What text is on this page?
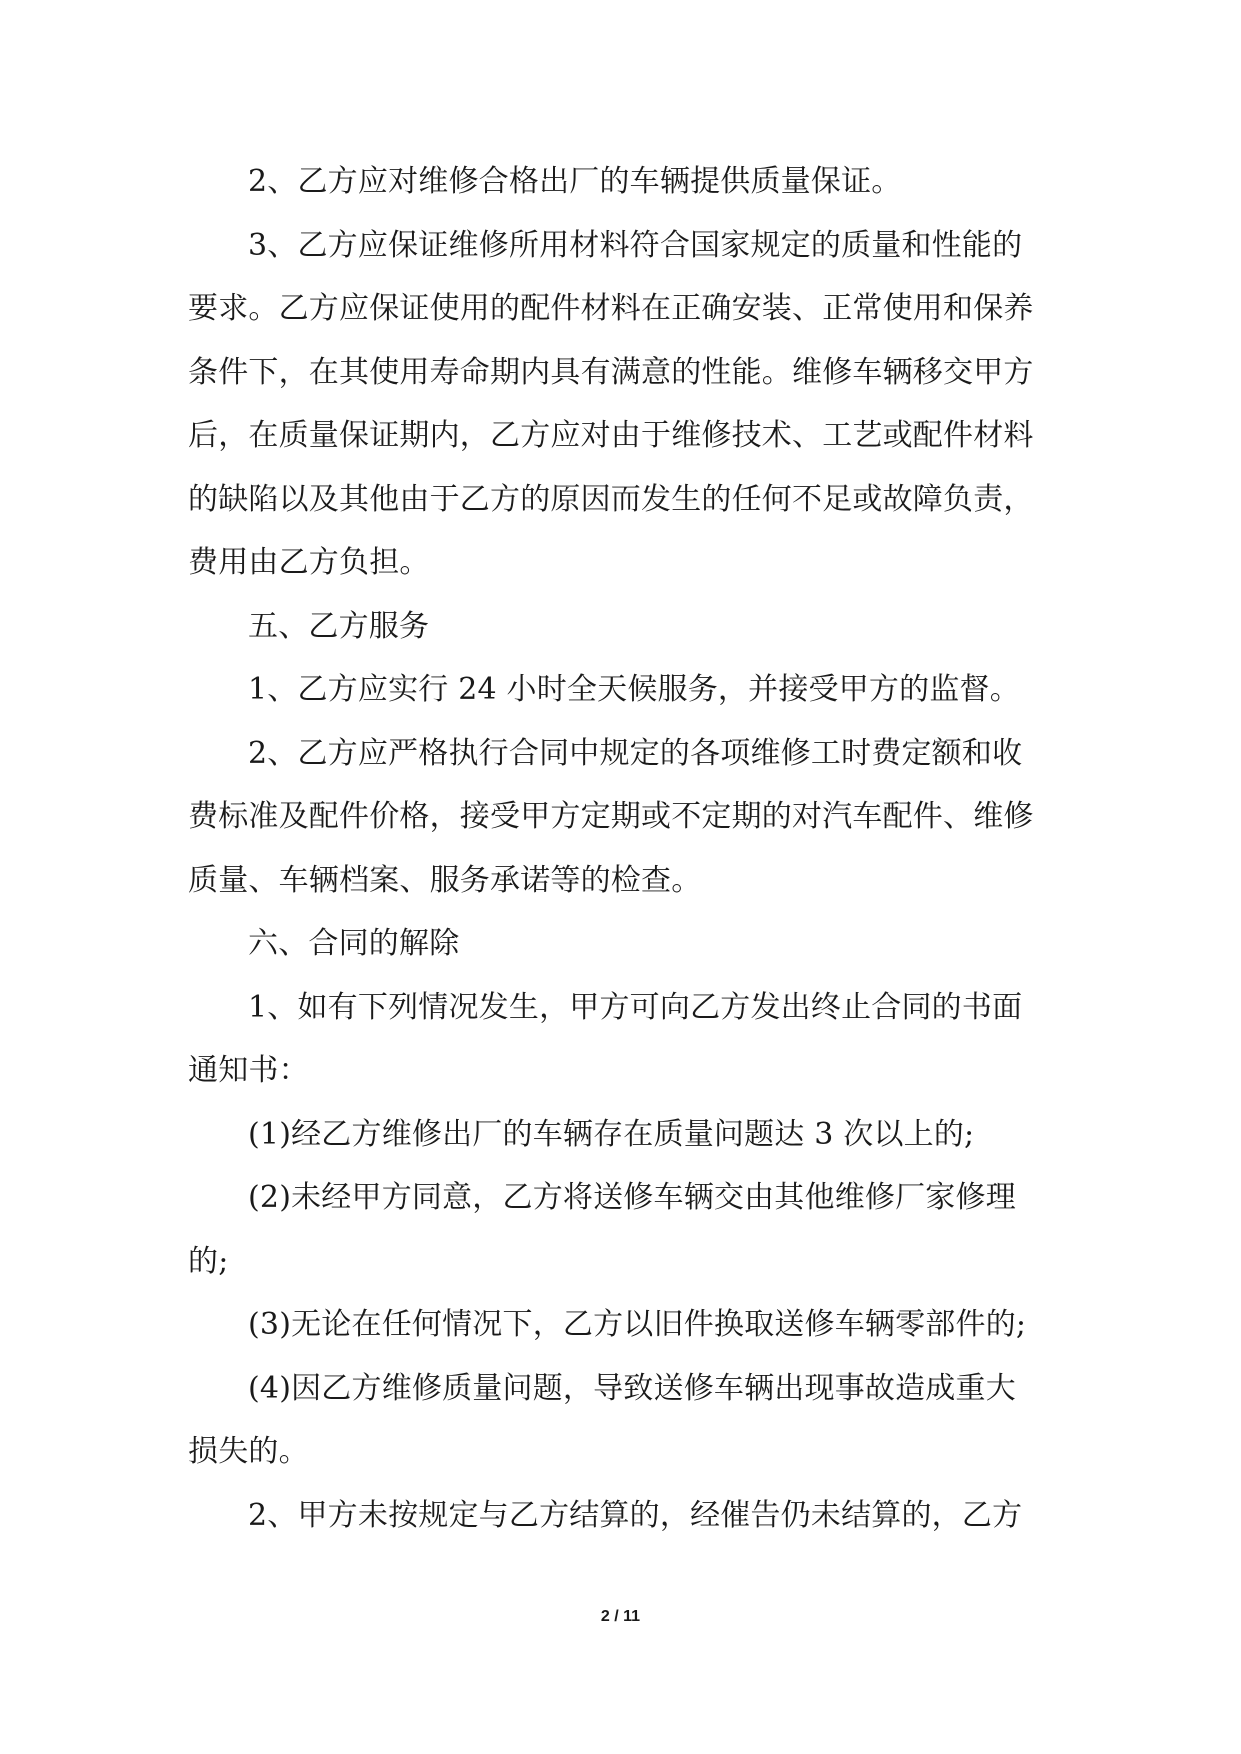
2、乙方应对维修合格出厂的车辆提供质量保证。
3、乙方应保证维修所用材料符合国家规定的质量和性能的
要求。乙方应保证使用的配件材料在正确安装、正常使用和保养
条件下，在其使用寿命期内具有满意的性能。维修车辆移交甲方
后，在质量保证期内，乙方应对由于维修技术、工艺或配件材料
的缺陷以及其他由于乙方的原因而发生的任何不足或故障负责，
费用由乙方负担。
五、乙方服务
1、乙方应实行 24 小时全天候服务，并接受甲方的监督。
2、乙方应严格执行合同中规定的各项维修工时费定额和收
费标准及配件价格，接受甲方定期或不定期的对汽车配件、维修
质量、车辆档案、服务承诺等的检查。
六、合同的解除
1、如有下列情况发生，甲方可向乙方发出终止合同的书面
通知书：
(1)经乙方维修出厂的车辆存在质量问题达 3 次以上的;
(2)未经甲方同意，乙方将送修车辆交由其他维修厂家修理
的;
(3)无论在任何情况下，乙方以旧件换取送修车辆零部件的;
(4)因乙方维修质量问题，导致送修车辆出现事故造成重大
损失的。
2、甲方未按规定与乙方结算的，经催告仍未结算的，乙方
2 / 11
